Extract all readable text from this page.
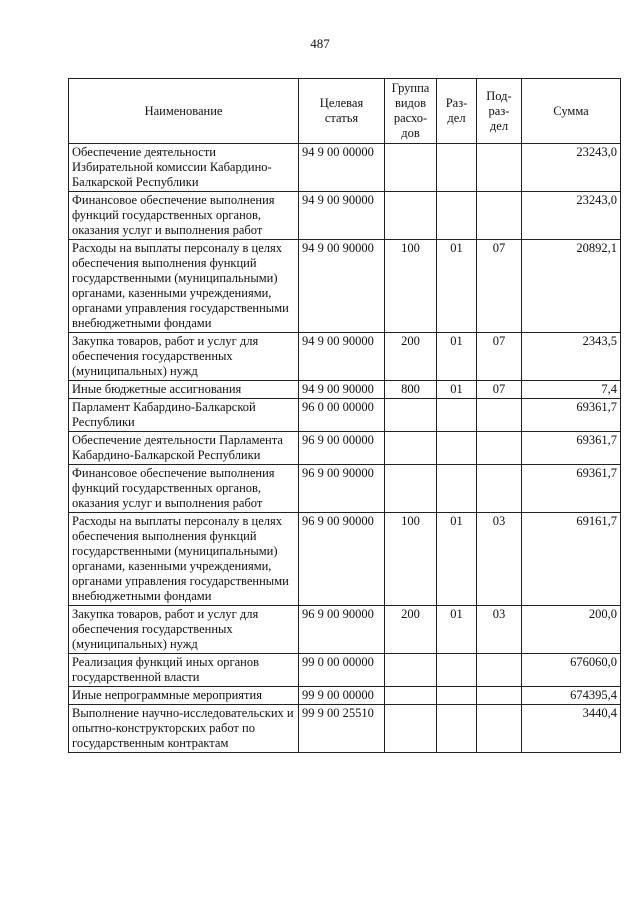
487
Наименование	Целевая статья	Группа видов расхо-дов	Раз-дел	Под-раз-дел	Сумма
Обеспечение деятельности Избирательной комиссии Кабардино-Балкарской Республики	94 9 00 00000				23243,0
Финансовое обеспечение выполнения функций государственных органов, оказания услуг и выполнения работ	94 9 00 90000				23243,0
Расходы на выплаты персоналу в целях обеспечения выполнения функций государственными (муниципальными) органами, казенными учреждениями, органами управления государственными внебюджетными фондами	94 9 00 90000	100	01	07	20892,1
Закупка товаров, работ и услуг для обеспечения государственных (муниципальных) нужд	94 9 00 90000	200	01	07	2343,5
Иные бюджетные ассигнования	94 9 00 90000	800	01	07	7,4
Парламент Кабардино-Балкарской Республики	96 0 00 00000				69361,7
Обеспечение деятельности Парламента Кабардино-Балкарской Республики	96 9 00 00000				69361,7
Финансовое обеспечение выполнения функций государственных органов, оказания услуг и выполнения работ	96 9 00 90000				69361,7
Расходы на выплаты персоналу в целях обеспечения выполнения функций государственными (муниципальными) органами, казенными учреждениями, органами управления государственными внебюджетными фондами	96 9 00 90000	100	01	03	69161,7
Закупка товаров, работ и услуг для обеспечения государственных (муниципальных) нужд	96 9 00 90000	200	01	03	200,0
Реализация функций иных органов государственной власти	99 0 00 00000				676060,0
Иные непрограммные мероприятия	99 9 00 00000				674395,4
Выполнение научно-исследовательских и опытно-конструкторских работ по государственным контрактам	99 9 00 25510				3440,4
